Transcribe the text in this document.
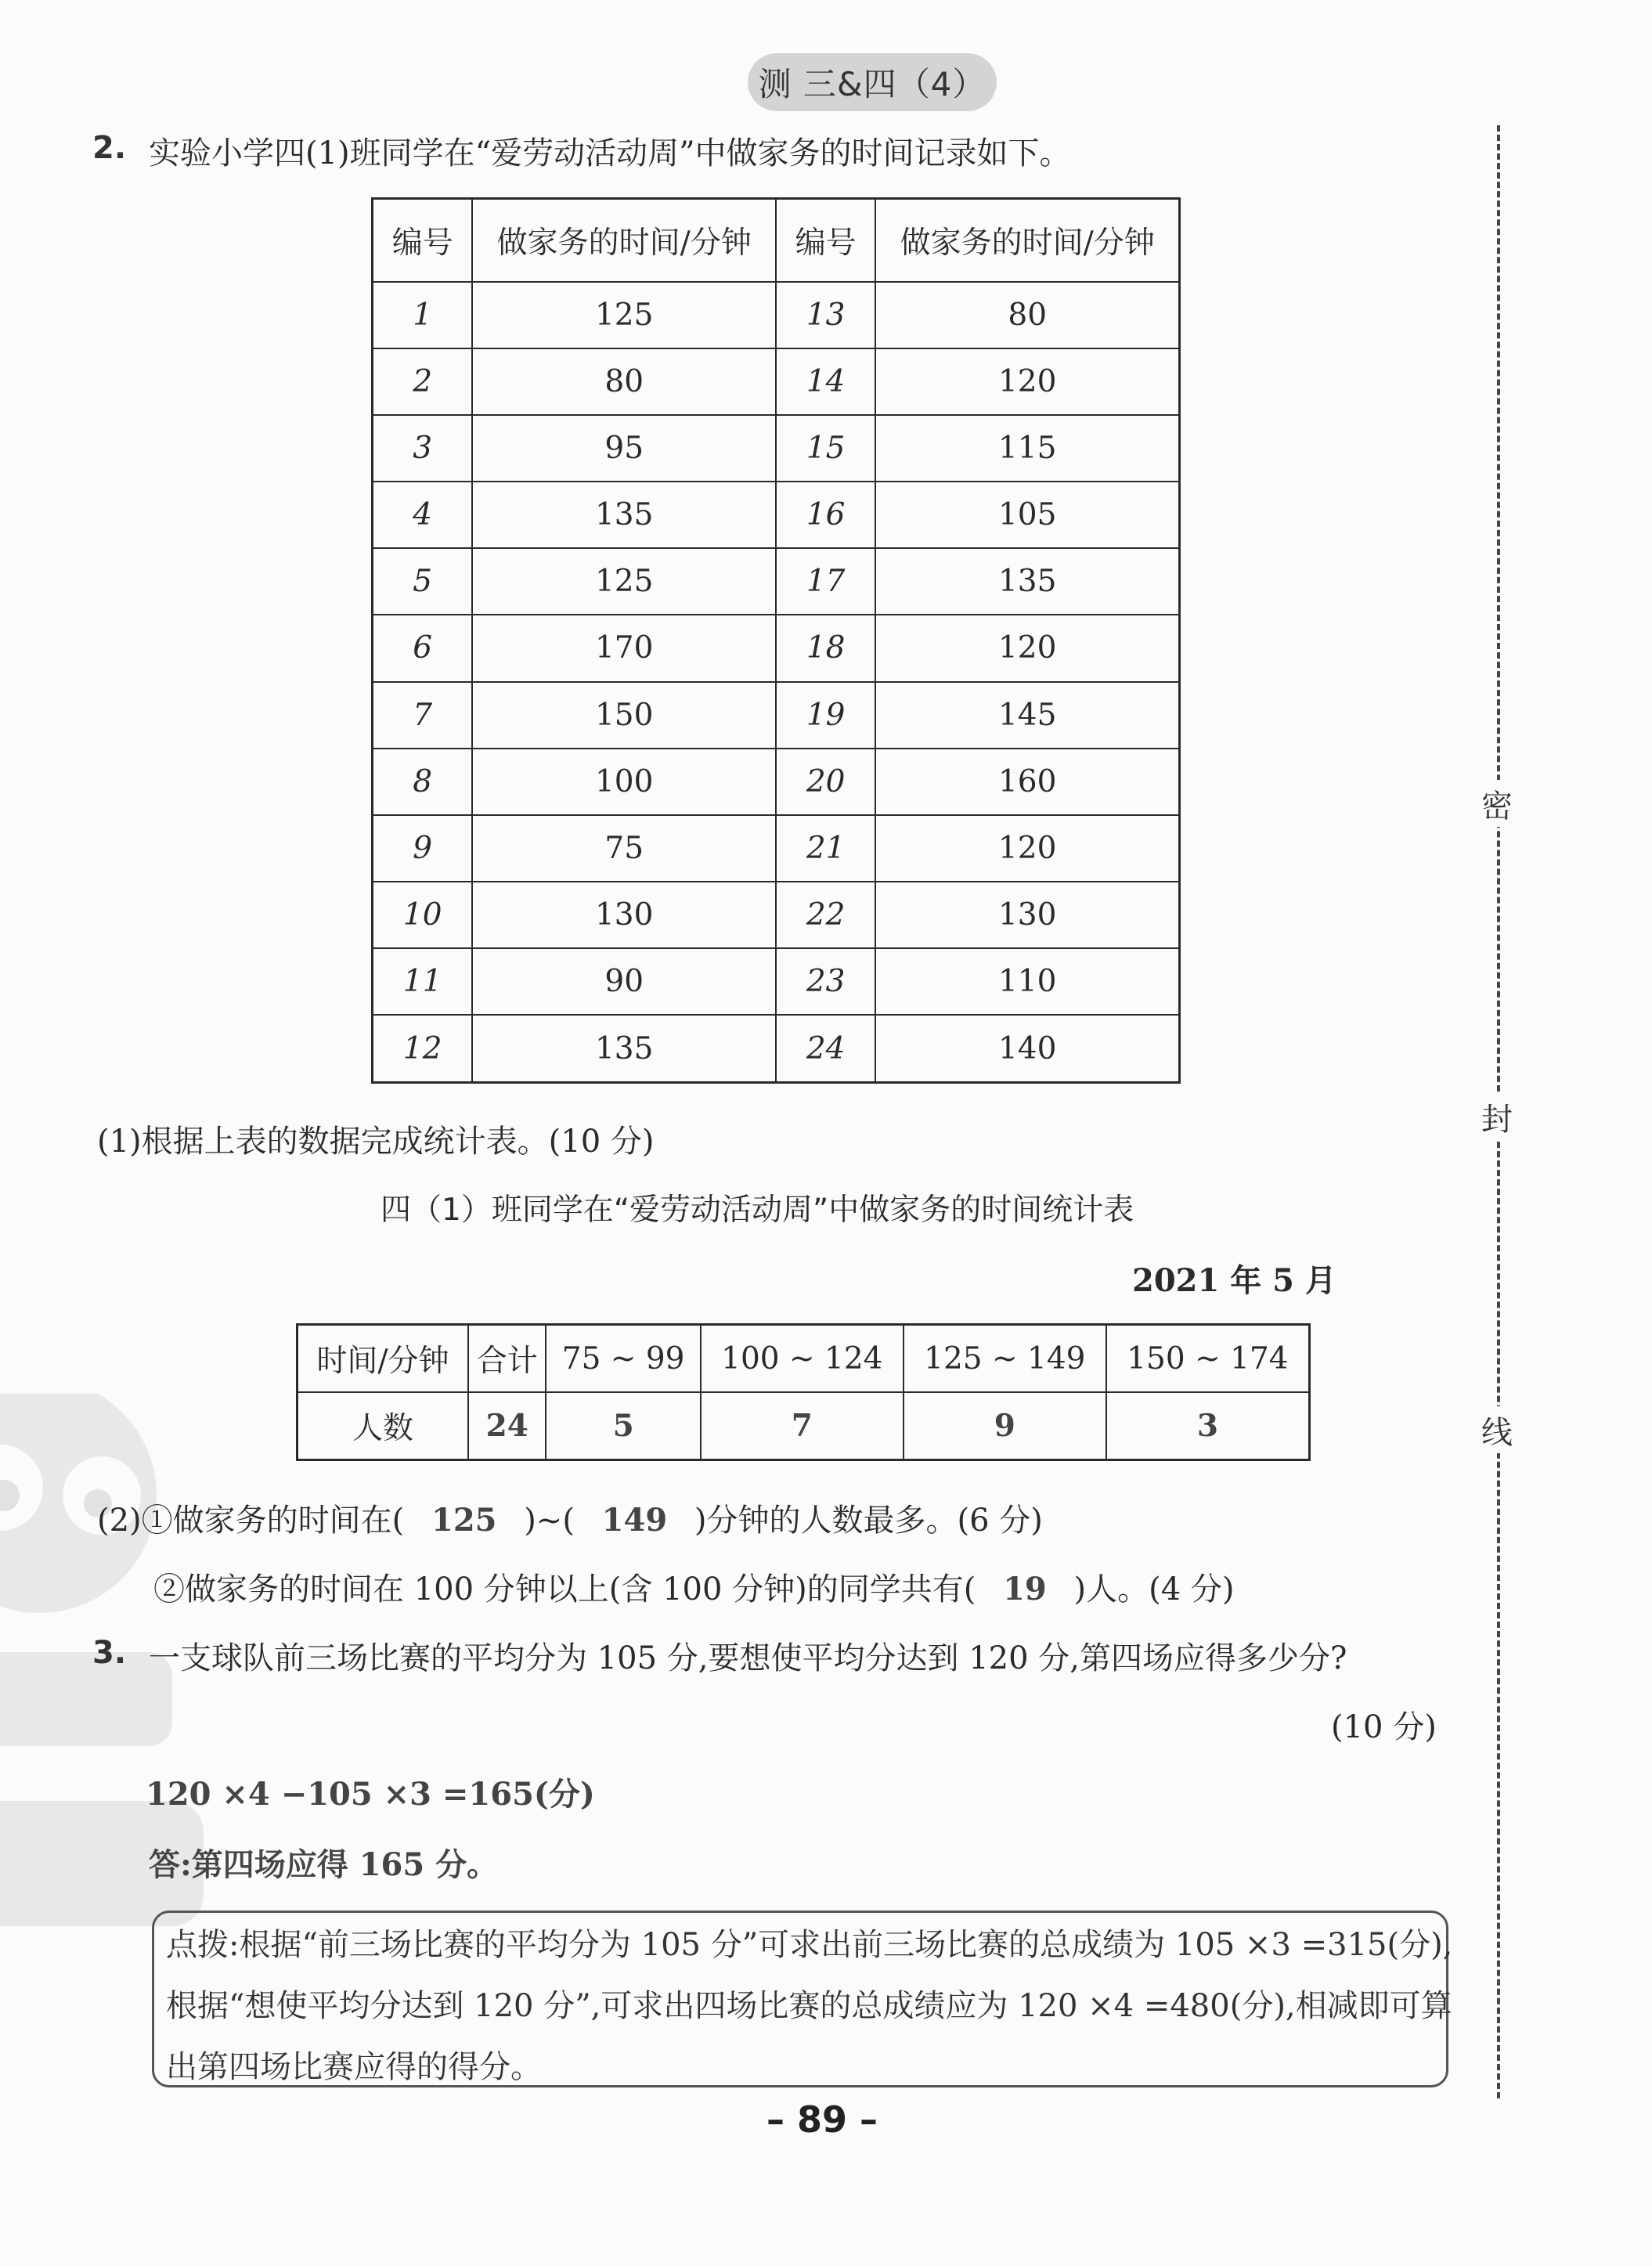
测 三&四（4）
2. 实验小学四(1)班同学在“爱劳动活动周”中做家务的时间记录如下。
编号	做家务的时间/分钟	编号	做家务的时间/分钟
1	125	13	80
2	80	14	120
3	95	15	115
4	135	16	105
5	125	17	135
6	170	18	120
7	150	19	145
8	100	20	160
9	75	21	120
10	130	22	130
11	90	23	110
12	135	24	140
(1)根据上表的数据完成统计表。(10 分)
四（1）班同学在“爱劳动活动周”中做家务的时间统计表
2021 年 5 月
时间/分钟	合计	75 ~ 99	100 ~ 124	125 ~ 149	150 ~ 174
人数	24	5	7	9	3
(2)①做家务的时间在( 125 )~( 149 )分钟的人数最多。(6 分)
②做家务的时间在 100 分钟以上(含 100 分钟)的同学共有( 19 )人。(4 分)
3. 一支球队前三场比赛的平均分为 105 分,要想使平均分达到 120 分,第四场应得多少分?
(10 分)
120 ×4 −105 ×3 =165(分)
答:第四场应得 165 分。
点拨:根据“前三场比赛的平均分为 105 分”可求出前三场比赛的总成绩为 105 ×3 =315(分),
根据“想使平均分达到 120 分”,可求出四场比赛的总成绩应为 120 ×4 =480(分),相减即可算
出第四场比赛应得的得分。
密
封
线
– 89 –
